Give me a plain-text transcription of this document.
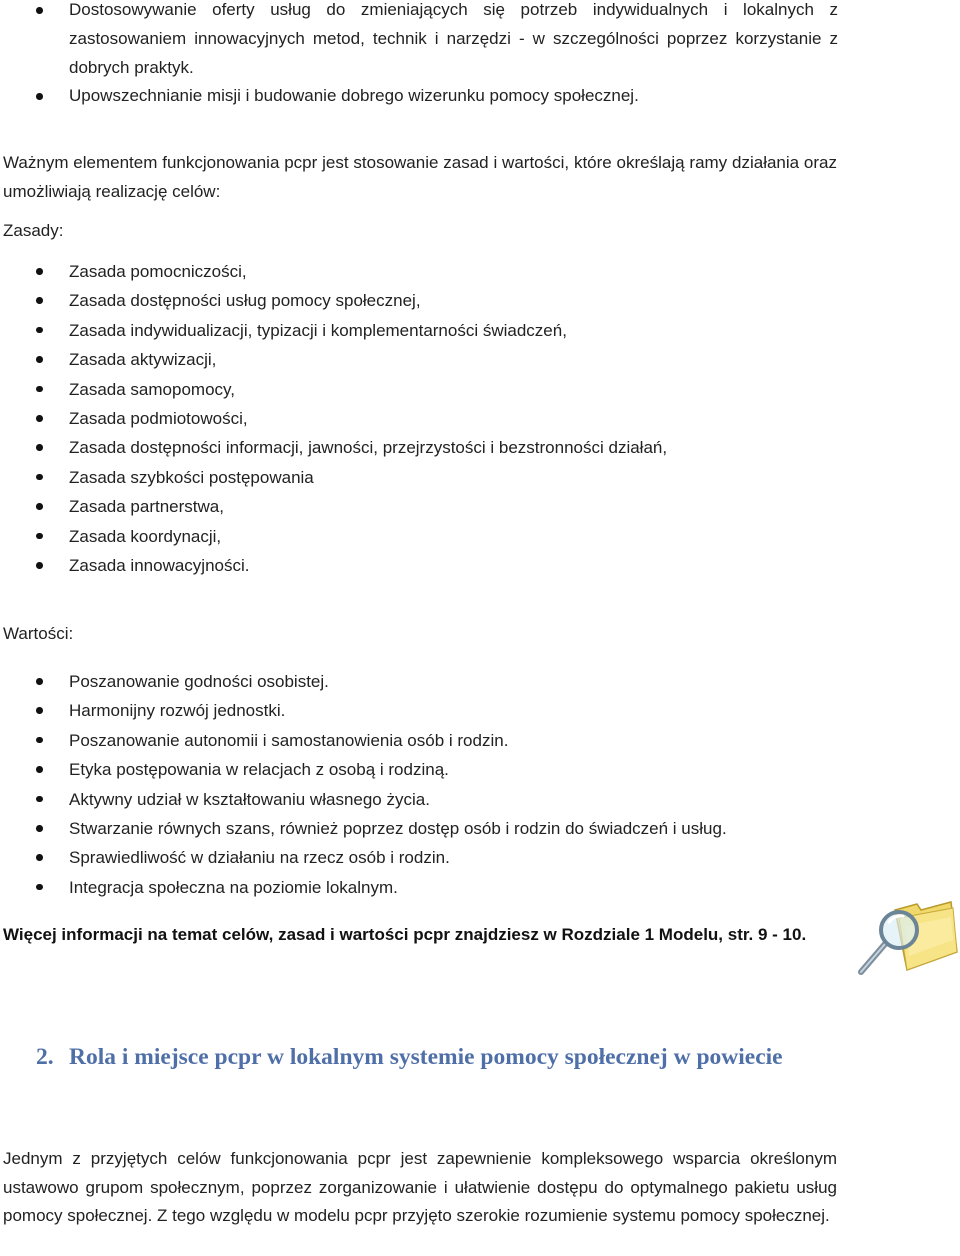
Dostosowywanie oferty usług do zmieniających się potrzeb indywidualnych i lokalnych z zastosowaniem innowacyjnych metod, technik i narzędzi - w szczególności poprzez korzystanie z dobrych praktyk.
Upowszechnianie misji i budowanie dobrego wizerunku pomocy społecznej.

Ważnym elementem funkcjonowania pcpr jest stosowanie zasad i wartości, które określają ramy działania oraz umożliwiają realizację celów:

Zasady:

Zasada pomocniczości,
Zasada dostępności usług pomocy społecznej,
Zasada indywidualizacji, typizacji i komplementarności świadczeń,
Zasada aktywizacji,
Zasada samopomocy,
Zasada podmiotowości,
Zasada dostępności informacji, jawności, przejrzystości i bezstronności działań,
Zasada szybkości postępowania
Zasada partnerstwa,
Zasada koordynacji,
Zasada innowacyjności.

Wartości:

Poszanowanie godności osobistej.
Harmonijny rozwój jednostki.
Poszanowanie autonomii i samostanowienia osób i rodzin.
Etyka postępowania w relacjach z osobą i rodziną.
Aktywny udział w kształtowaniu własnego życia.
Stwarzanie równych szans, również poprzez dostęp osób i rodzin do świadczeń i usług.
Sprawiedliwość w działaniu na rzecz osób i rodzin.
Integracja społeczna na poziomie lokalnym.

Więcej informacji na temat celów, zasad i wartości pcpr znajdziesz w Rozdziale 1 Modelu, str. 9 - 10.

2. Rola i miejsce pcpr w lokalnym systemie pomocy społecznej w powiecie

Jednym z przyjętych celów funkcjonowania pcpr jest zapewnienie kompleksowego wsparcia określonym ustawowo grupom społecznym, poprzez zorganizowanie i ułatwienie dostępu do optymalnego pakietu usług pomocy społecznej. Z tego względu w modelu pcpr przyjęto szerokie rozumienie systemu pomocy społecznej.
